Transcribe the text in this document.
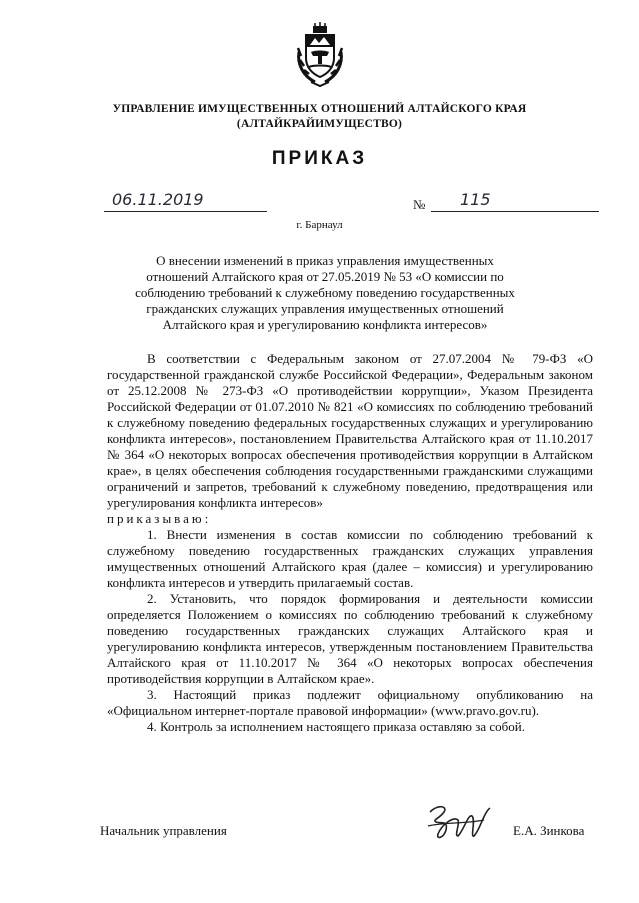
УПРАВЛЕНИЕ ИМУЩЕСТВЕННЫХ ОТНОШЕНИЙ АЛТАЙСКОГО КРАЯ
(АЛТАЙКРАЙИМУЩЕСТВО)
ПРИКАЗ
06.11.2019	№ 115
г. Барнаул
О внесении изменений в приказ управления имущественных отношений Алтайского края от 27.05.2019 № 53 «О комиссии по соблюдению требований к служебному поведению государственных гражданских служащих управления имущественных отношений Алтайского края и урегулированию конфликта интересов»

В соответствии с Федеральным законом от 27.07.2004 № 79-ФЗ «О государственной гражданской службе Российской Федерации», Федеральным законом от 25.12.2008 № 273-ФЗ «О противодействии коррупции», Указом Президента Российской Федерации от 01.07.2010 № 821 «О комиссиях по соблюдению требований к служебному поведению федеральных государственных служащих и урегулированию конфликта интересов», постановлением Правительства Алтайского края от 11.10.2017 № 364 «О некоторых вопросах обеспечения противодействия коррупции в Алтайском крае», в целях обеспечения соблюдения государственными гражданскими служащими ограничений и запретов, требований к служебному поведению, предотвращения или урегулирования конфликта интересов»

приказываю:

1. Внести изменения в состав комиссии по соблюдению требований к служебному поведению государственных гражданских служащих управления имущественных отношений Алтайского края (далее – комиссия) и урегулированию конфликта интересов и утвердить прилагаемый состав.

2. Установить, что порядок формирования и деятельности комиссии определяется Положением о комиссиях по соблюдению требований к служебному поведению государственных гражданских служащих Алтайского края и урегулированию конфликта интересов, утвержденным постановлением Правительства Алтайского края от 11.10.2017 № 364 «О некоторых вопросах обеспечения противодействия коррупции в Алтайском крае».

3. Настоящий приказ подлежит официальному опубликованию на «Официальном интернет-портале правовой информации» (www.pravo.gov.ru).

4. Контроль за исполнением настоящего приказа оставляю за собой.

Начальник управления	Е.А. Зинкова
